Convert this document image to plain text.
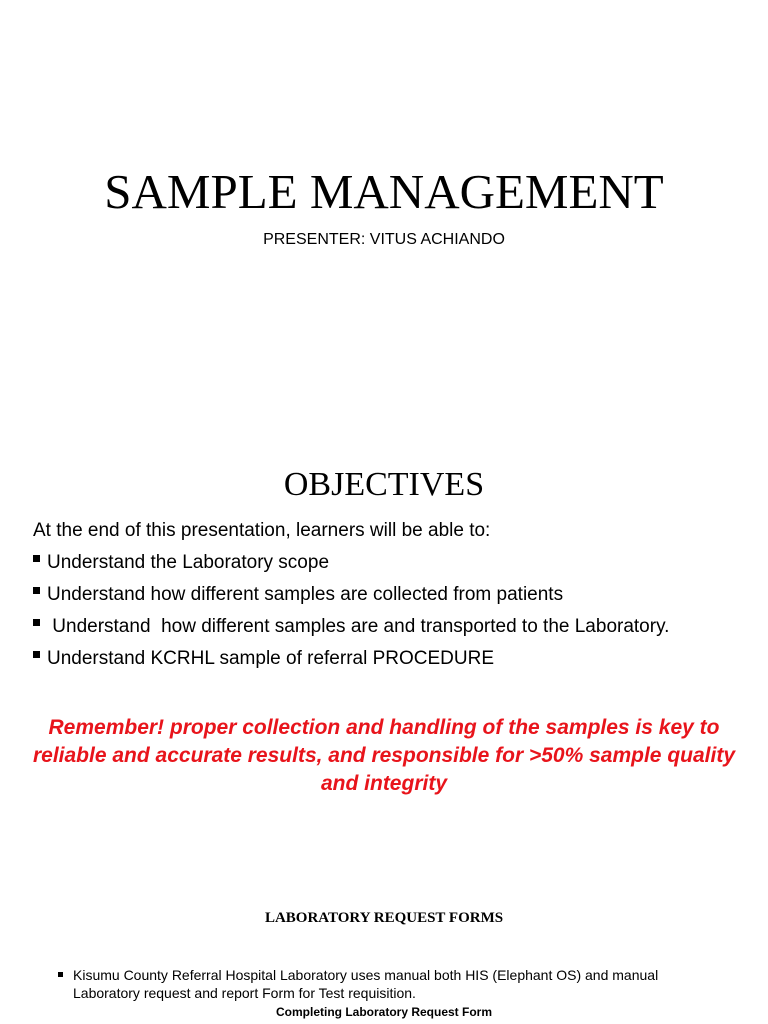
SAMPLE MANAGEMENT

PRESENTER: VITUS ACHIANDO

OBJECTIVES

At the end of this presentation, learners will be able to:

Understand the Laboratory scope
Understand how different samples are collected from patients
Understand  how different samples are and transported to the Laboratory.
Understand KCRHL sample of referral PROCEDURE

Remember! proper collection and handling of the samples is key to reliable and accurate results, and responsible for >50% sample quality and integrity

LABORATORY REQUEST FORMS
Kisumu County Referral Hospital Laboratory uses manual both HIS (Elephant OS) and manual Laboratory request and report Form for Test requisition.

Completing Laboratory Request Form
